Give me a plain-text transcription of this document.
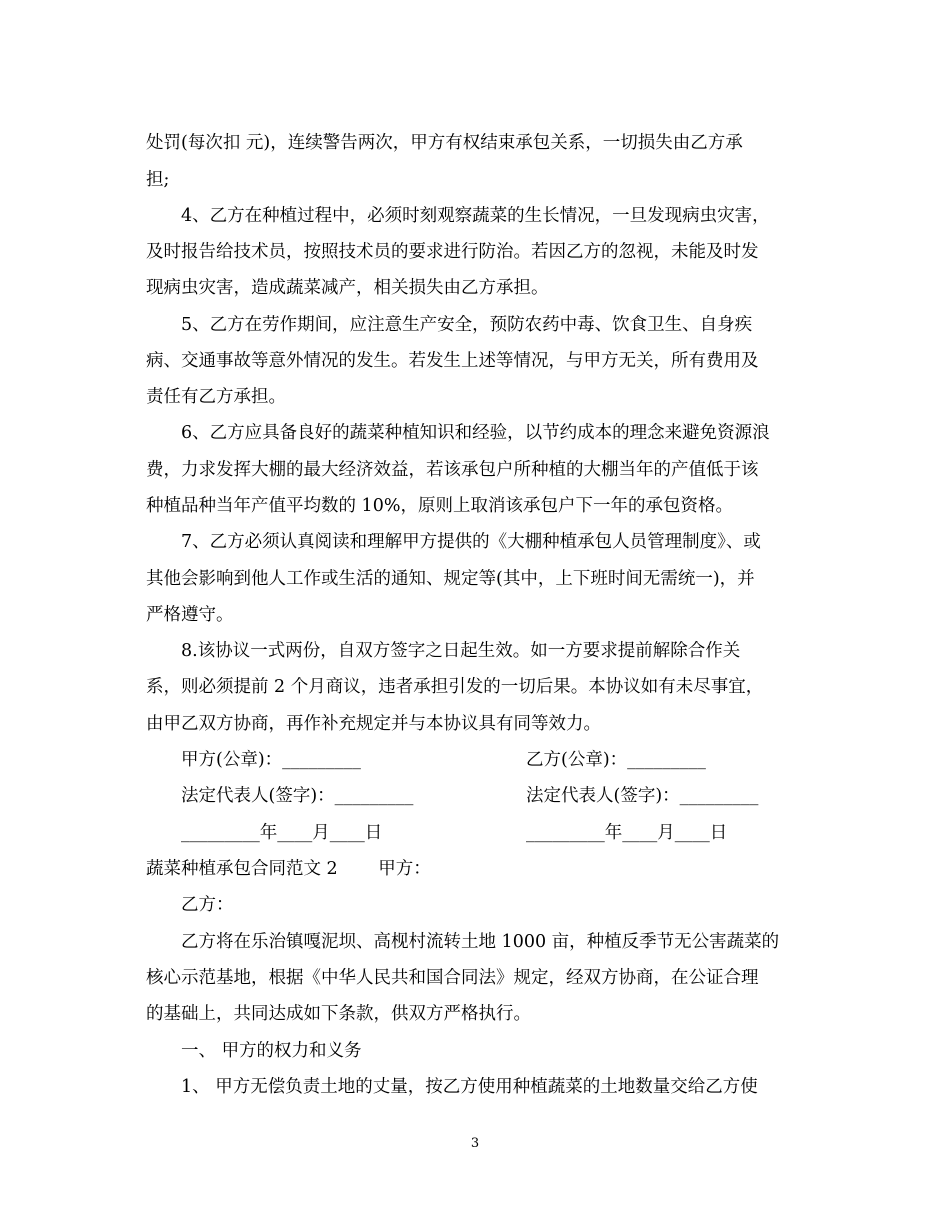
处罚(每次扣 元)，连续警告两次，甲方有权结束承包关系，一切损失由乙方承
担;
4、乙方在种植过程中，必须时刻观察蔬菜的生长情况，一旦发现病虫灾害，
及时报告给技术员，按照技术员的要求进行防治。若因乙方的忽视，未能及时发
现病虫灾害，造成蔬菜减产，相关损失由乙方承担。
5、乙方在劳作期间，应注意生产安全，预防农药中毒、饮食卫生、自身疾
病、交通事故等意外情况的发生。若发生上述等情况，与甲方无关，所有费用及
责任有乙方承担。
6、乙方应具备良好的蔬菜种植知识和经验，以节约成本的理念来避免资源浪
费，力求发挥大棚的最大经济效益，若该承包户所种植的大棚当年的产值低于该
种植品种当年产值平均数的 10%，原则上取消该承包户下一年的承包资格。
7、乙方必须认真阅读和理解甲方提供的《大棚种植承包人员管理制度》、或
其他会影响到他人工作或生活的通知、规定等(其中，上下班时间无需统一)，并
严格遵守。
8.该协议一式两份，自双方签字之日起生效。如一方要求提前解除合作关
系，则必须提前 2 个月商议，违者承担引发的一切后果。本协议如有未尽事宜，
由甲乙双方协商，再作补充规定并与本协议具有同等效力。
甲方(公章)：_________	乙方(公章)：_________
法定代表人(签字)：_________	法定代表人(签字)：_________
_________年____月____日	_________年____月____日
蔬菜种植承包合同范文 2　　 甲方：
乙方：
乙方将在乐治镇嘎泥坝、高枧村流转土地 1000 亩，种植反季节无公害蔬菜的
核心示范基地，根据《中华人民共和国合同法》规定，经双方协商，在公证合理
的基础上，共同达成如下条款，供双方严格执行。
一、 甲方的权力和义务
1、 甲方无偿负责土地的丈量，按乙方使用种植蔬菜的土地数量交给乙方使
3
